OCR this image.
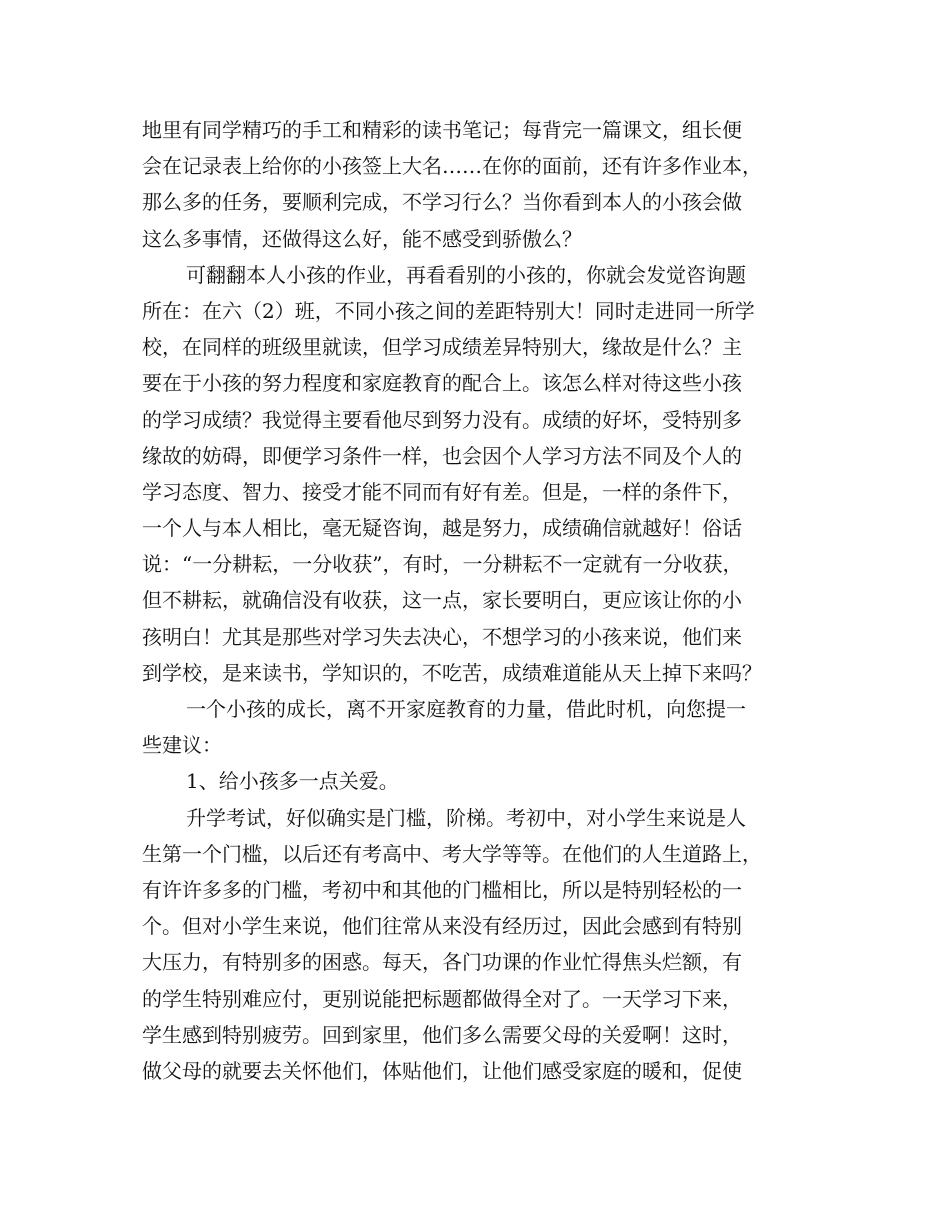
地里有同学精巧的手工和精彩的读书笔记；每背完一篇课文，组长便
会在记录表上给你的小孩签上大名……在你的面前，还有许多作业本，
那么多的任务，要顺利完成，不学习行么？当你看到本人的小孩会做
这么多事情，还做得这么好，能不感受到骄傲么？
可翻翻本人小孩的作业，再看看别的小孩的，你就会发觉咨询题
所在：在六（2）班，不同小孩之间的差距特别大！同时走进同一所学
校，在同样的班级里就读，但学习成绩差异特别大，缘故是什么？主
要在于小孩的努力程度和家庭教育的配合上。该怎么样对待这些小孩
的学习成绩？我觉得主要看他尽到努力没有。成绩的好坏，受特别多
缘故的妨碍，即便学习条件一样，也会因个人学习方法不同及个人的
学习态度、智力、接受才能不同而有好有差。但是，一样的条件下，
一个人与本人相比，毫无疑咨询，越是努力，成绩确信就越好！俗话
说：“一分耕耘，一分收获”，有时，一分耕耘不一定就有一分收获，
但不耕耘，就确信没有收获，这一点，家长要明白，更应该让你的小
孩明白！尤其是那些对学习失去决心，不想学习的小孩来说，他们来
到学校，是来读书，学知识的，不吃苦，成绩难道能从天上掉下来吗？
一个小孩的成长，离不开家庭教育的力量，借此时机，向您提一
些建议：
1、给小孩多一点关爱。
升学考试，好似确实是门槛，阶梯。考初中，对小学生来说是人
生第一个门槛，以后还有考高中、考大学等等。在他们的人生道路上，
有许许多多的门槛，考初中和其他的门槛相比，所以是特别轻松的一
个。但对小学生来说，他们往常从来没有经历过，因此会感到有特别
大压力，有特别多的困惑。每天，各门功课的作业忙得焦头烂额，有
的学生特别难应付，更别说能把标题都做得全对了。一天学习下来，
学生感到特别疲劳。回到家里，他们多么需要父母的关爱啊！这时，
做父母的就要去关怀他们，体贴他们，让他们感受家庭的暖和，促使
